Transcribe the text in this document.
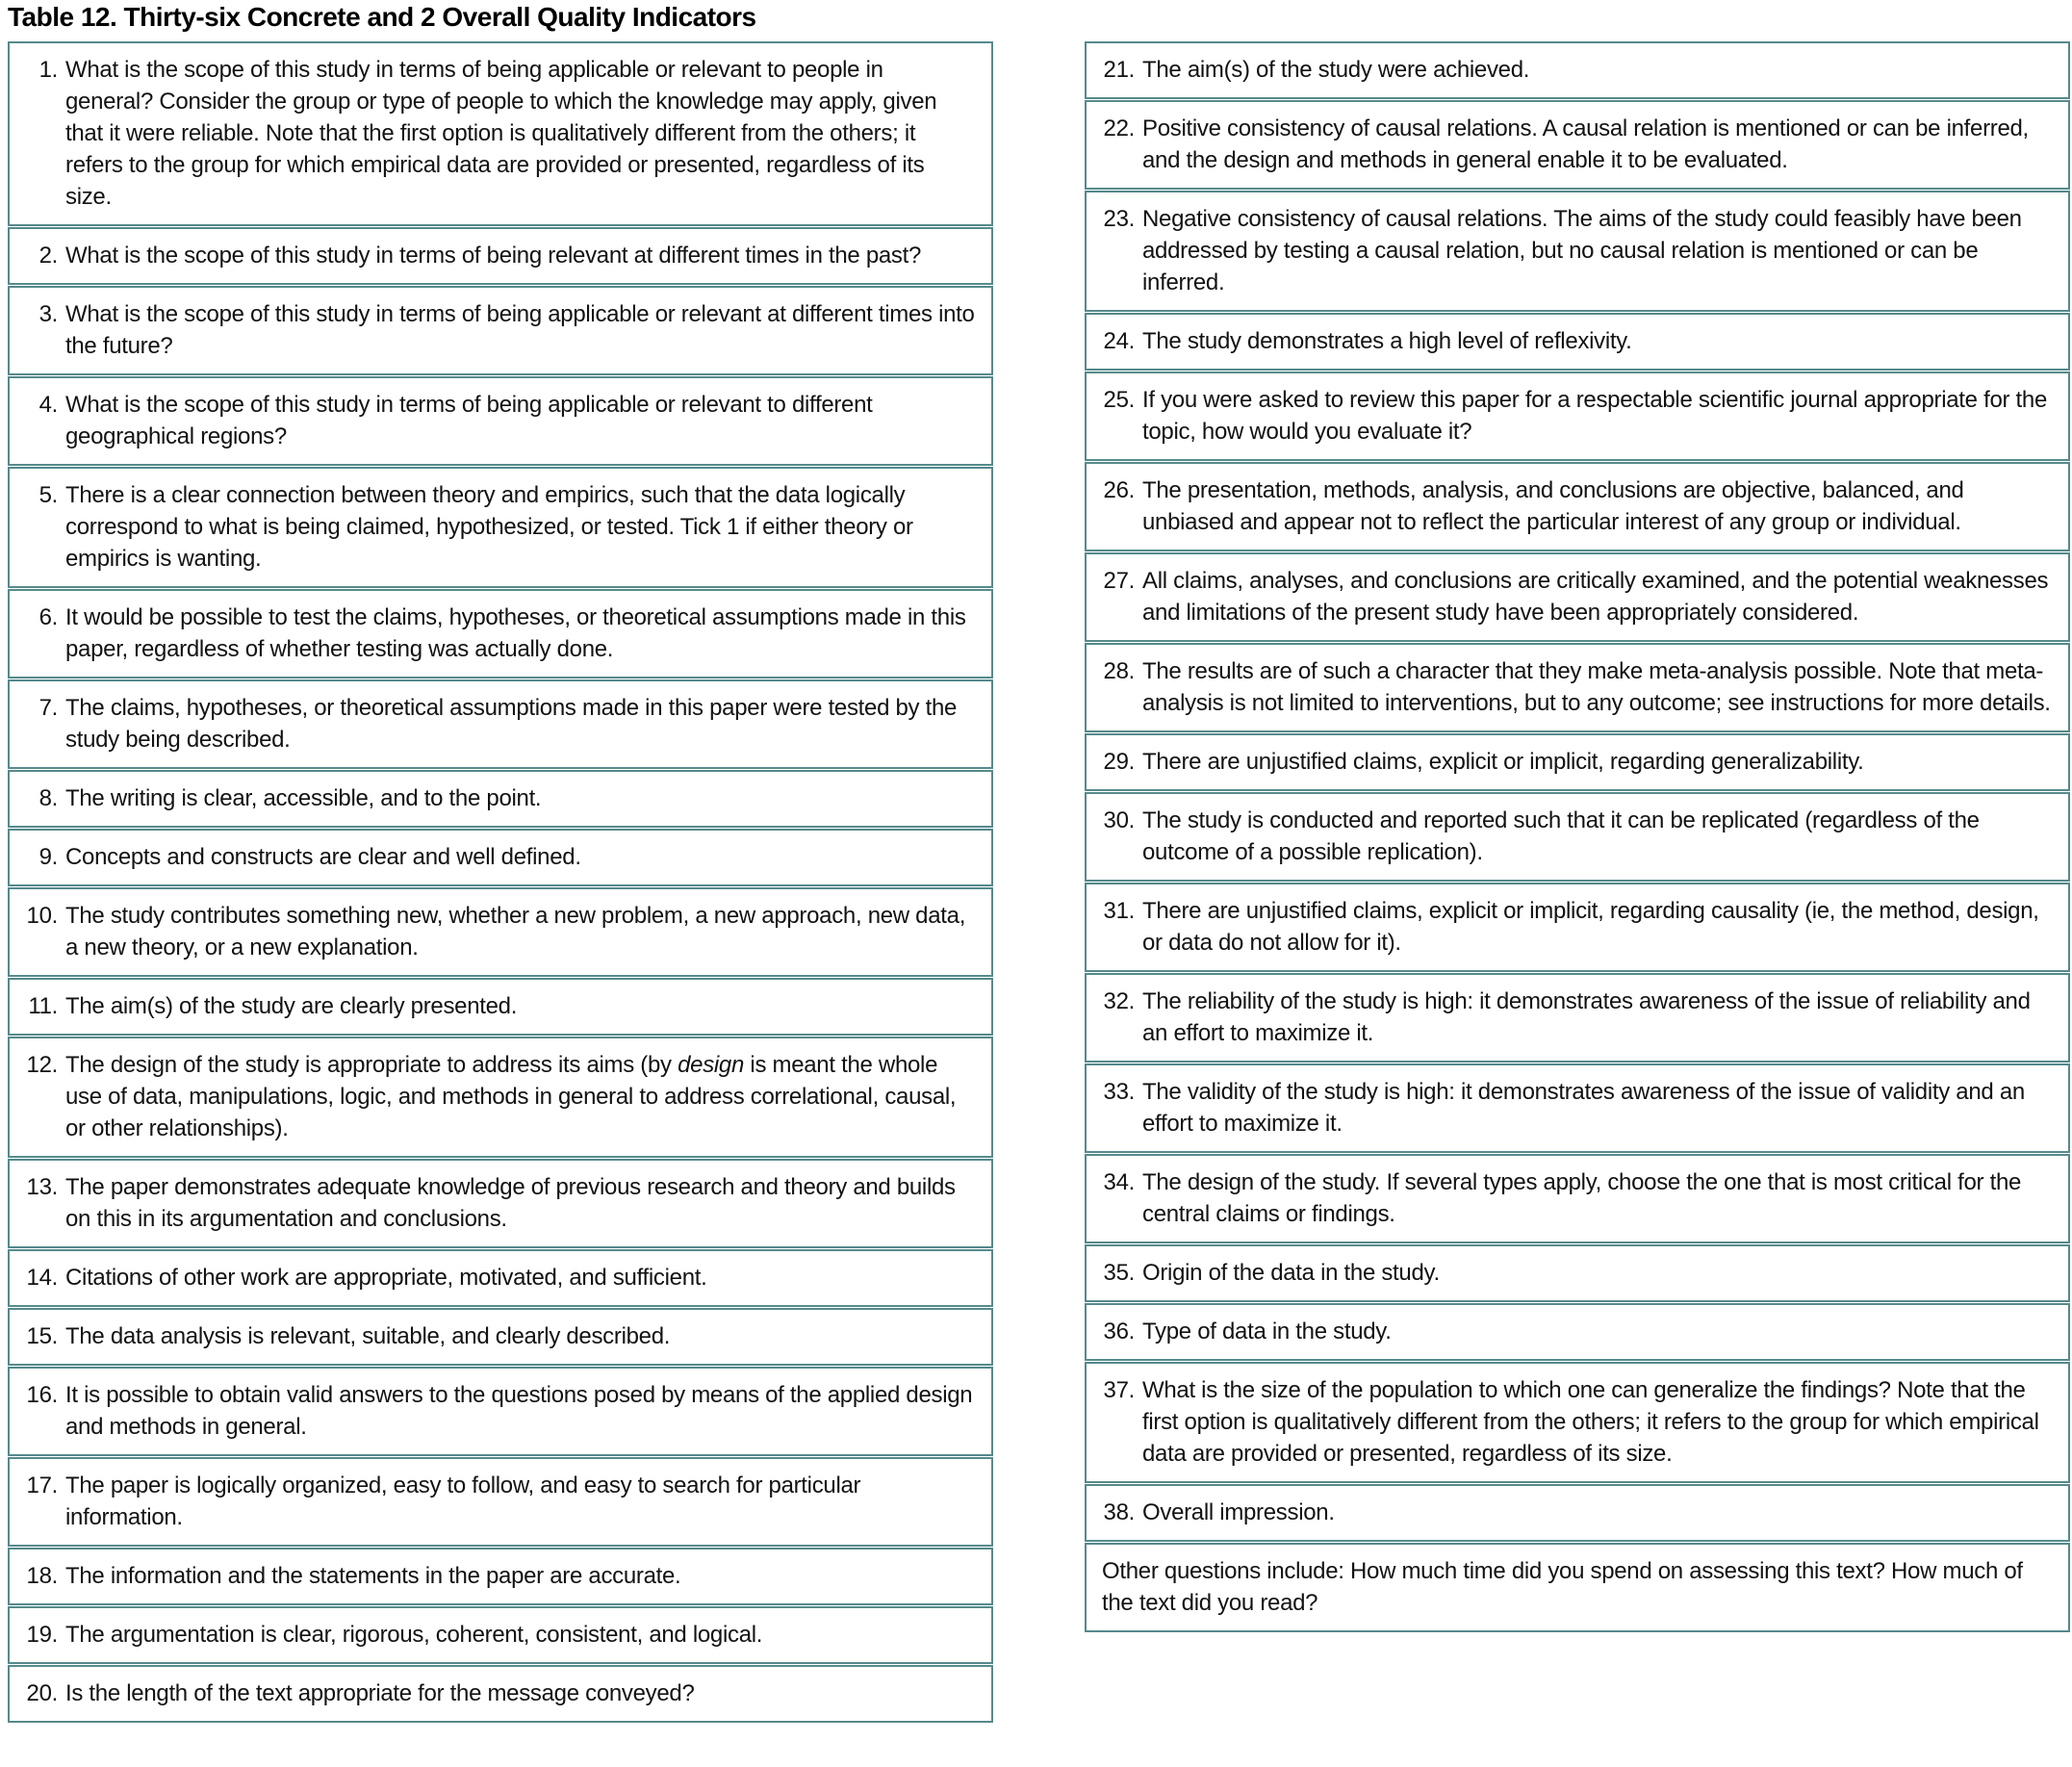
Table 12. Thirty-six Concrete and 2 Overall Quality Indicators
1. What is the scope of this study in terms of being applicable or relevant to people in general? Consider the group or type of people to which the knowledge may apply, given that it were reliable. Note that the first option is qualitatively different from the others; it refers to the group for which empirical data are provided or presented, regardless of its size.
2. What is the scope of this study in terms of being relevant at different times in the past?
3. What is the scope of this study in terms of being applicable or relevant at different times into the future?
4. What is the scope of this study in terms of being applicable or relevant to different geographical regions?
5. There is a clear connection between theory and empirics, such that the data logically correspond to what is being claimed, hypothesized, or tested. Tick 1 if either theory or empirics is wanting.
6. It would be possible to test the claims, hypotheses, or theoretical assumptions made in this paper, regardless of whether testing was actually done.
7. The claims, hypotheses, or theoretical assumptions made in this paper were tested by the study being described.
8. The writing is clear, accessible, and to the point.
9. Concepts and constructs are clear and well defined.
10. The study contributes something new, whether a new problem, a new approach, new data, a new theory, or a new explanation.
11. The aim(s) of the study are clearly presented.
12. The design of the study is appropriate to address its aims (by design is meant the whole use of data, manipulations, logic, and methods in general to address correlational, causal, or other relationships).
13. The paper demonstrates adequate knowledge of previous research and theory and builds on this in its argumentation and conclusions.
14. Citations of other work are appropriate, motivated, and sufficient.
15. The data analysis is relevant, suitable, and clearly described.
16. It is possible to obtain valid answers to the questions posed by means of the applied design and methods in general.
17. The paper is logically organized, easy to follow, and easy to search for particular information.
18. The information and the statements in the paper are accurate.
19. The argumentation is clear, rigorous, coherent, consistent, and logical.
20. Is the length of the text appropriate for the message conveyed?
21. The aim(s) of the study were achieved.
22. Positive consistency of causal relations. A causal relation is mentioned or can be inferred, and the design and methods in general enable it to be evaluated.
23. Negative consistency of causal relations. The aims of the study could feasibly have been addressed by testing a causal relation, but no causal relation is mentioned or can be inferred.
24. The study demonstrates a high level of reflexivity.
25. If you were asked to review this paper for a respectable scientific journal appropriate for the topic, how would you evaluate it?
26. The presentation, methods, analysis, and conclusions are objective, balanced, and unbiased and appear not to reflect the particular interest of any group or individual.
27. All claims, analyses, and conclusions are critically examined, and the potential weaknesses and limitations of the present study have been appropriately considered.
28. The results are of such a character that they make meta-analysis possible. Note that meta-analysis is not limited to interventions, but to any outcome; see instructions for more details.
29. There are unjustified claims, explicit or implicit, regarding generalizability.
30. The study is conducted and reported such that it can be replicated (regardless of the outcome of a possible replication).
31. There are unjustified claims, explicit or implicit, regarding causality (ie, the method, design, or data do not allow for it).
32. The reliability of the study is high: it demonstrates awareness of the issue of reliability and an effort to maximize it.
33. The validity of the study is high: it demonstrates awareness of the issue of validity and an effort to maximize it.
34. The design of the study. If several types apply, choose the one that is most critical for the central claims or findings.
35. Origin of the data in the study.
36. Type of data in the study.
37. What is the size of the population to which one can generalize the findings? Note that the first option is qualitatively different from the others; it refers to the group for which empirical data are provided or presented, regardless of its size.
38. Overall impression.
Other questions include: How much time did you spend on assessing this text? How much of the text did you read?
